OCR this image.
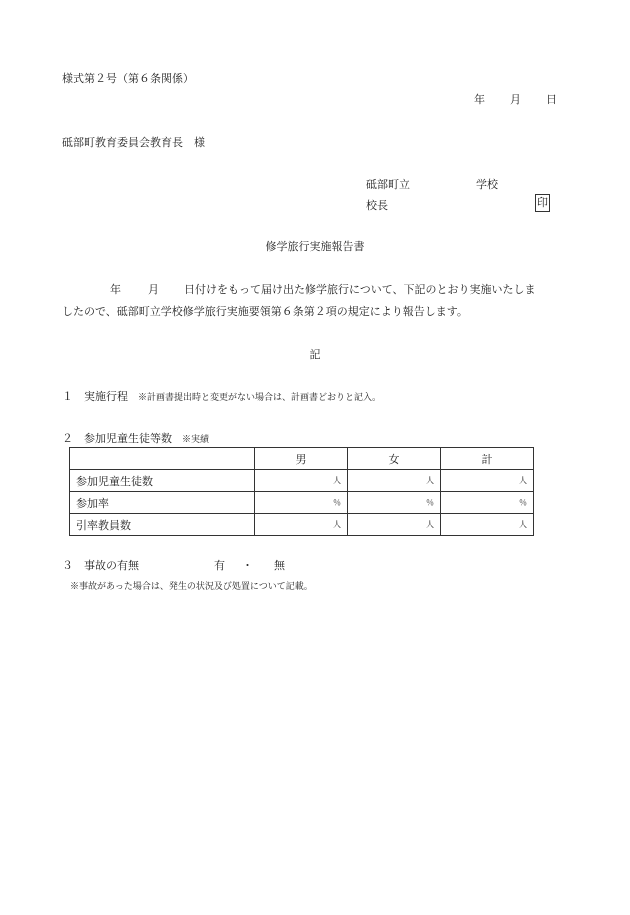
様式第２号（第６条関係）
年 月 日
砥部町教育委員会教育長　様
砥部町立	学校
校長	印
修学旅行実施報告書
年 月 日付けをもって届け出た修学旅行について、下記のとおり実施いたしま
したので、砥部町立学校修学旅行実施要領第６条第２項の規定により報告します。
記
１　実施行程 ※計画書提出時と変更がない場合は、計画書どおりと記入。
２　参加児童生徒等数 ※実績
	男	女	計
参加児童生徒数	人	人	人
参加率	％	％	％
引率教員数	人	人	人
３　事故の有無	有 ・ 無
※事故があった場合は、発生の状況及び処置について記載。
